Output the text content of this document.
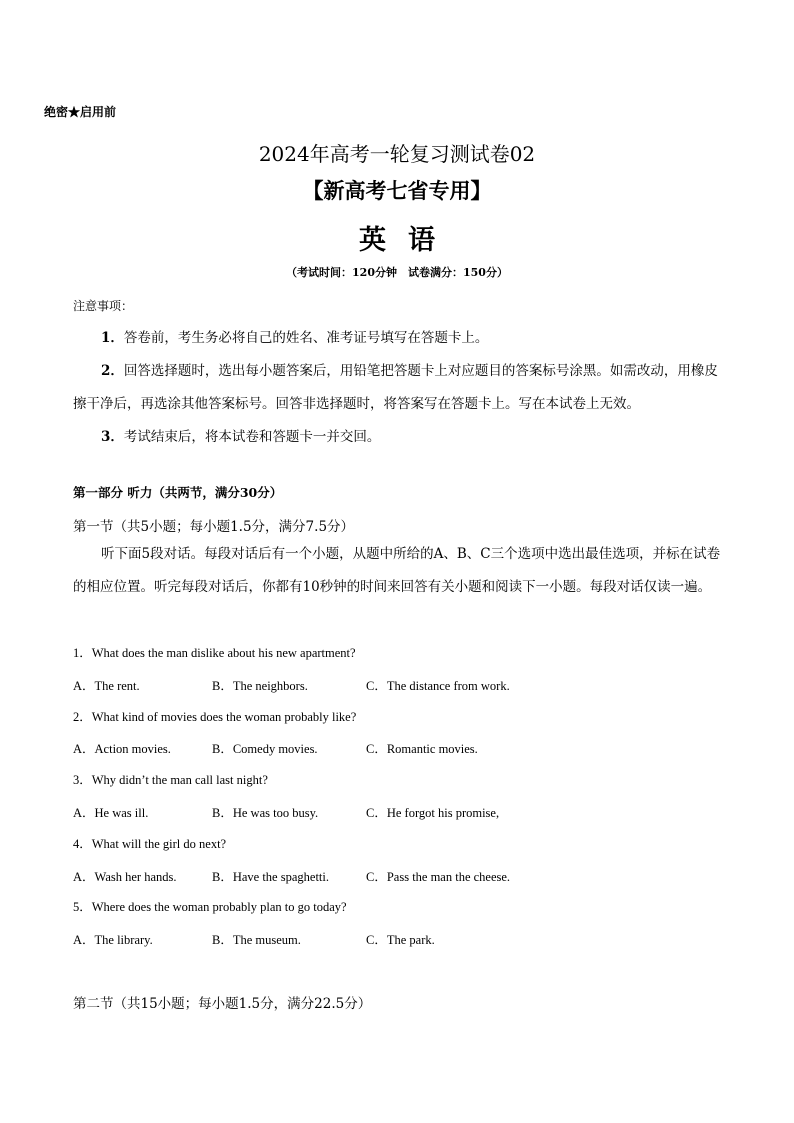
绝密★启用前
2024年高考一轮复习测试卷02
【新高考七省专用】
英语
（考试时间：120分钟　试卷满分：150分）
注意事项：
1．答卷前，考生务必将自己的姓名、准考证号填写在答题卡上。
2．回答选择题时，选出每小题答案后，用铅笔把答题卡上对应题目的答案标号涂黑。如需改动，用橡皮擦干净后，再选涂其他答案标号。回答非选择题时，将答案写在答题卡上。写在本试卷上无效。
3．考试结束后，将本试卷和答题卡一并交回。
第一部分 听力（共两节，满分30分）
第一节（共5小题；每小题1.5分，满分7.5分）
听下面5段对话。每段对话后有一个小题，从题中所给的A、B、C三个选项中选出最佳选项，并标在试卷的相应位置。听完每段对话后，你都有10秒钟的时间来回答有关小题和阅读下一小题。每段对话仅读一遍。
1．What does the man dislike about his new apartment?
A．The rent.	B．The neighbors.	C．The distance from work.
2．What kind of movies does the woman probably like?
A．Action movies.	B．Comedy movies.	C．Romantic movies.
3．Why didn’t the man call last night?
A．He was ill.	B．He was too busy.	C．He forgot his promise,
4．What will the girl do next?
A．Wash her hands.	B．Have the spaghetti.	C．Pass the man the cheese.
5．Where does the woman probably plan to go today?
A．The library.	B．The museum.	C．The park.
第二节（共15小题；每小题1.5分，满分22.5分）
